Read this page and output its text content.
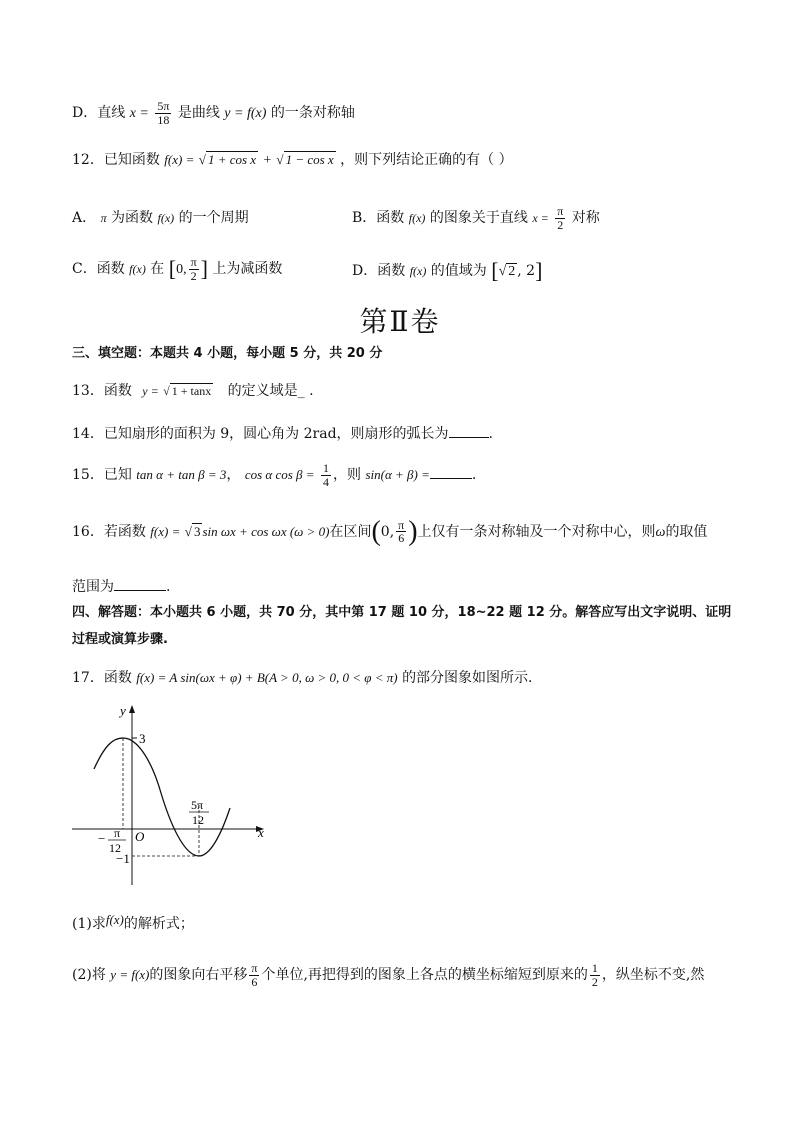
D．直线 $x = \frac{5\pi}{18}$ 是曲线 y = f(x) 的一条对称轴
12．已知函数 f(x) = √ 1 + cos x + √ 1 − cos x ，则下列结论正确的有（ ）
A． π 为函数 f(x) 的一个周期	B．函数 f(x) 的图象关于直线 $x = \frac{\pi}{2}$ 对称
C．函数 f(x) 在 [0, $\frac{\pi}{2}$ ] 上为减函数	D．函数 f(x) 的值域为 [√ 2 , 2]
第Ⅱ卷
三、填空题：本题共 4 小题，每小题 5 分，共 20 分
13．函数 y = √ 1 + tanx 的定义域是_ .
14．已知扇形的面积为 9，圆心角为 2rad，则扇形的弧长为	.
15．已知 tan α + tan β = 3， cos α $\cos \beta = \frac{1}{4}$ ，则 sin(α + β) =	.
16．若函数 f(x) = √ 3 sin ωx + cos ωx (ω > 0)在区间(0, $\frac{\pi}{6}$ )上仅有一条对称轴及一个对称中心，则ω的取值
范围为	.
四、解答题：本小题共 6 小题，共 70 分，其中第 17 题 10 分，18~22 题 12 分。解答应写出文字说明、证明
过程或演算步骤.
17．函数 f(x) = A sin(ωx + φ) + B(A > 0, ω > 0, 0 < φ < π) 的部分图象如图所示.
y
x
O
3
−1
− π
12
5π
12
(1)求f(x)的解析式；
(2)将 y = f(x)的图象向右平移 $\frac{\pi}{6}$ 个单位,再把得到的图象上各点的横坐标缩短到原来的 $\frac{1}{2}$ ，纵坐标不变,然
